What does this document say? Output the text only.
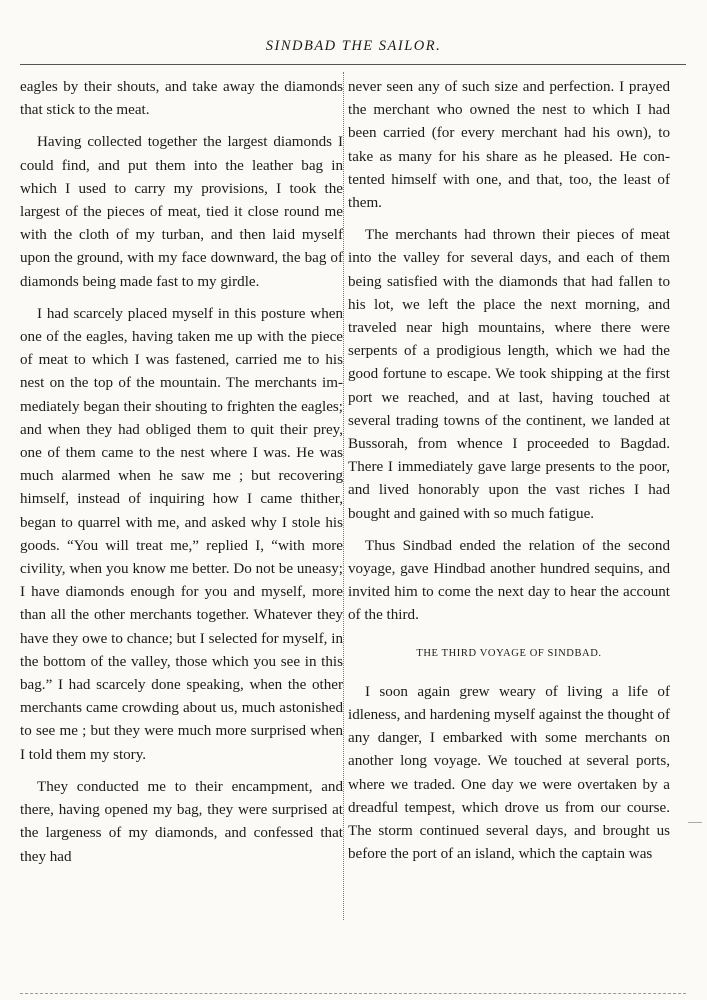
SINDBAD THE SAILOR.

eagles by their shouts, and take away the diamonds that stick to the meat.

Having collected together the largest diamonds I could find, and put them into the leather bag in which I used to carry my provisions, I took the largest of the pieces of meat, tied it close round me with the cloth of my turban, and then laid myself upon the ground, with my face downward, the bag of diamonds being made fast to my girdle.

I had scarcely placed myself in this posture when one of the eagles, having taken me up with the piece of meat to which I was fastened, carried me to his nest on the top of the mountain. The merchants immediately began their shouting to frighten the eagles; and when they had obliged them to quit their prey, one of them came to the nest where I was. He was much alarmed when he saw me ; but recovering himself, instead of inquiring how I came thither, began to quarrel with me, and asked why I stole his goods. “You will treat me,” replied I, “with more civility, when you know me better. Do not be uneasy; I have diamonds enough for you and myself, more than all the other merchants together. Whatever they have they owe to chance; but I selected for myself, in the bottom of the valley, those which you see in this bag.” I had scarcely done speaking, when the other merchants came crowding about us, much astonished to see me ; but they were much more surprised when I told them my story.

They conducted me to their encampment, and there, having opened my bag, they were surprised at the largeness of my diamonds, and confessed that they had

never seen any of such size and perfection. I prayed the merchant who owned the nest to which I had been carried (for every merchant had his own), to take as many for his share as he pleased. He contented himself with one, and that, too, the least of them.

The merchants had thrown their pieces of meat into the valley for several days, and each of them being satisfied with the diamonds that had fallen to his lot, we left the place the next morning, and traveled near high mountains, where there were serpents of a prodigious length, which we had the good fortune to escape. We took shipping at the first port we reached, and at last, having touched at several trading towns of the continent, we landed at Bussorah, from whence I proceeded to Bagdad. There I immediately gave large presents to the poor, and lived honorably upon the vast riches I had bought and gained with so much fatigue.

Thus Sindbad ended the relation of the second voyage, gave Hindbad another hundred sequins, and invited him to come the next day to hear the account of the third.

THE THIRD VOYAGE OF SINDBAD.

I soon again grew weary of living a life of idleness, and hardening myself against the thought of any danger, I embarked with some merchants on another long voyage. We touched at several ports, where we traded. One day we were overtaken by a dreadful tempest, which drove us from our course. The storm continued several days, and brought us before the port of an island, which the captain was
